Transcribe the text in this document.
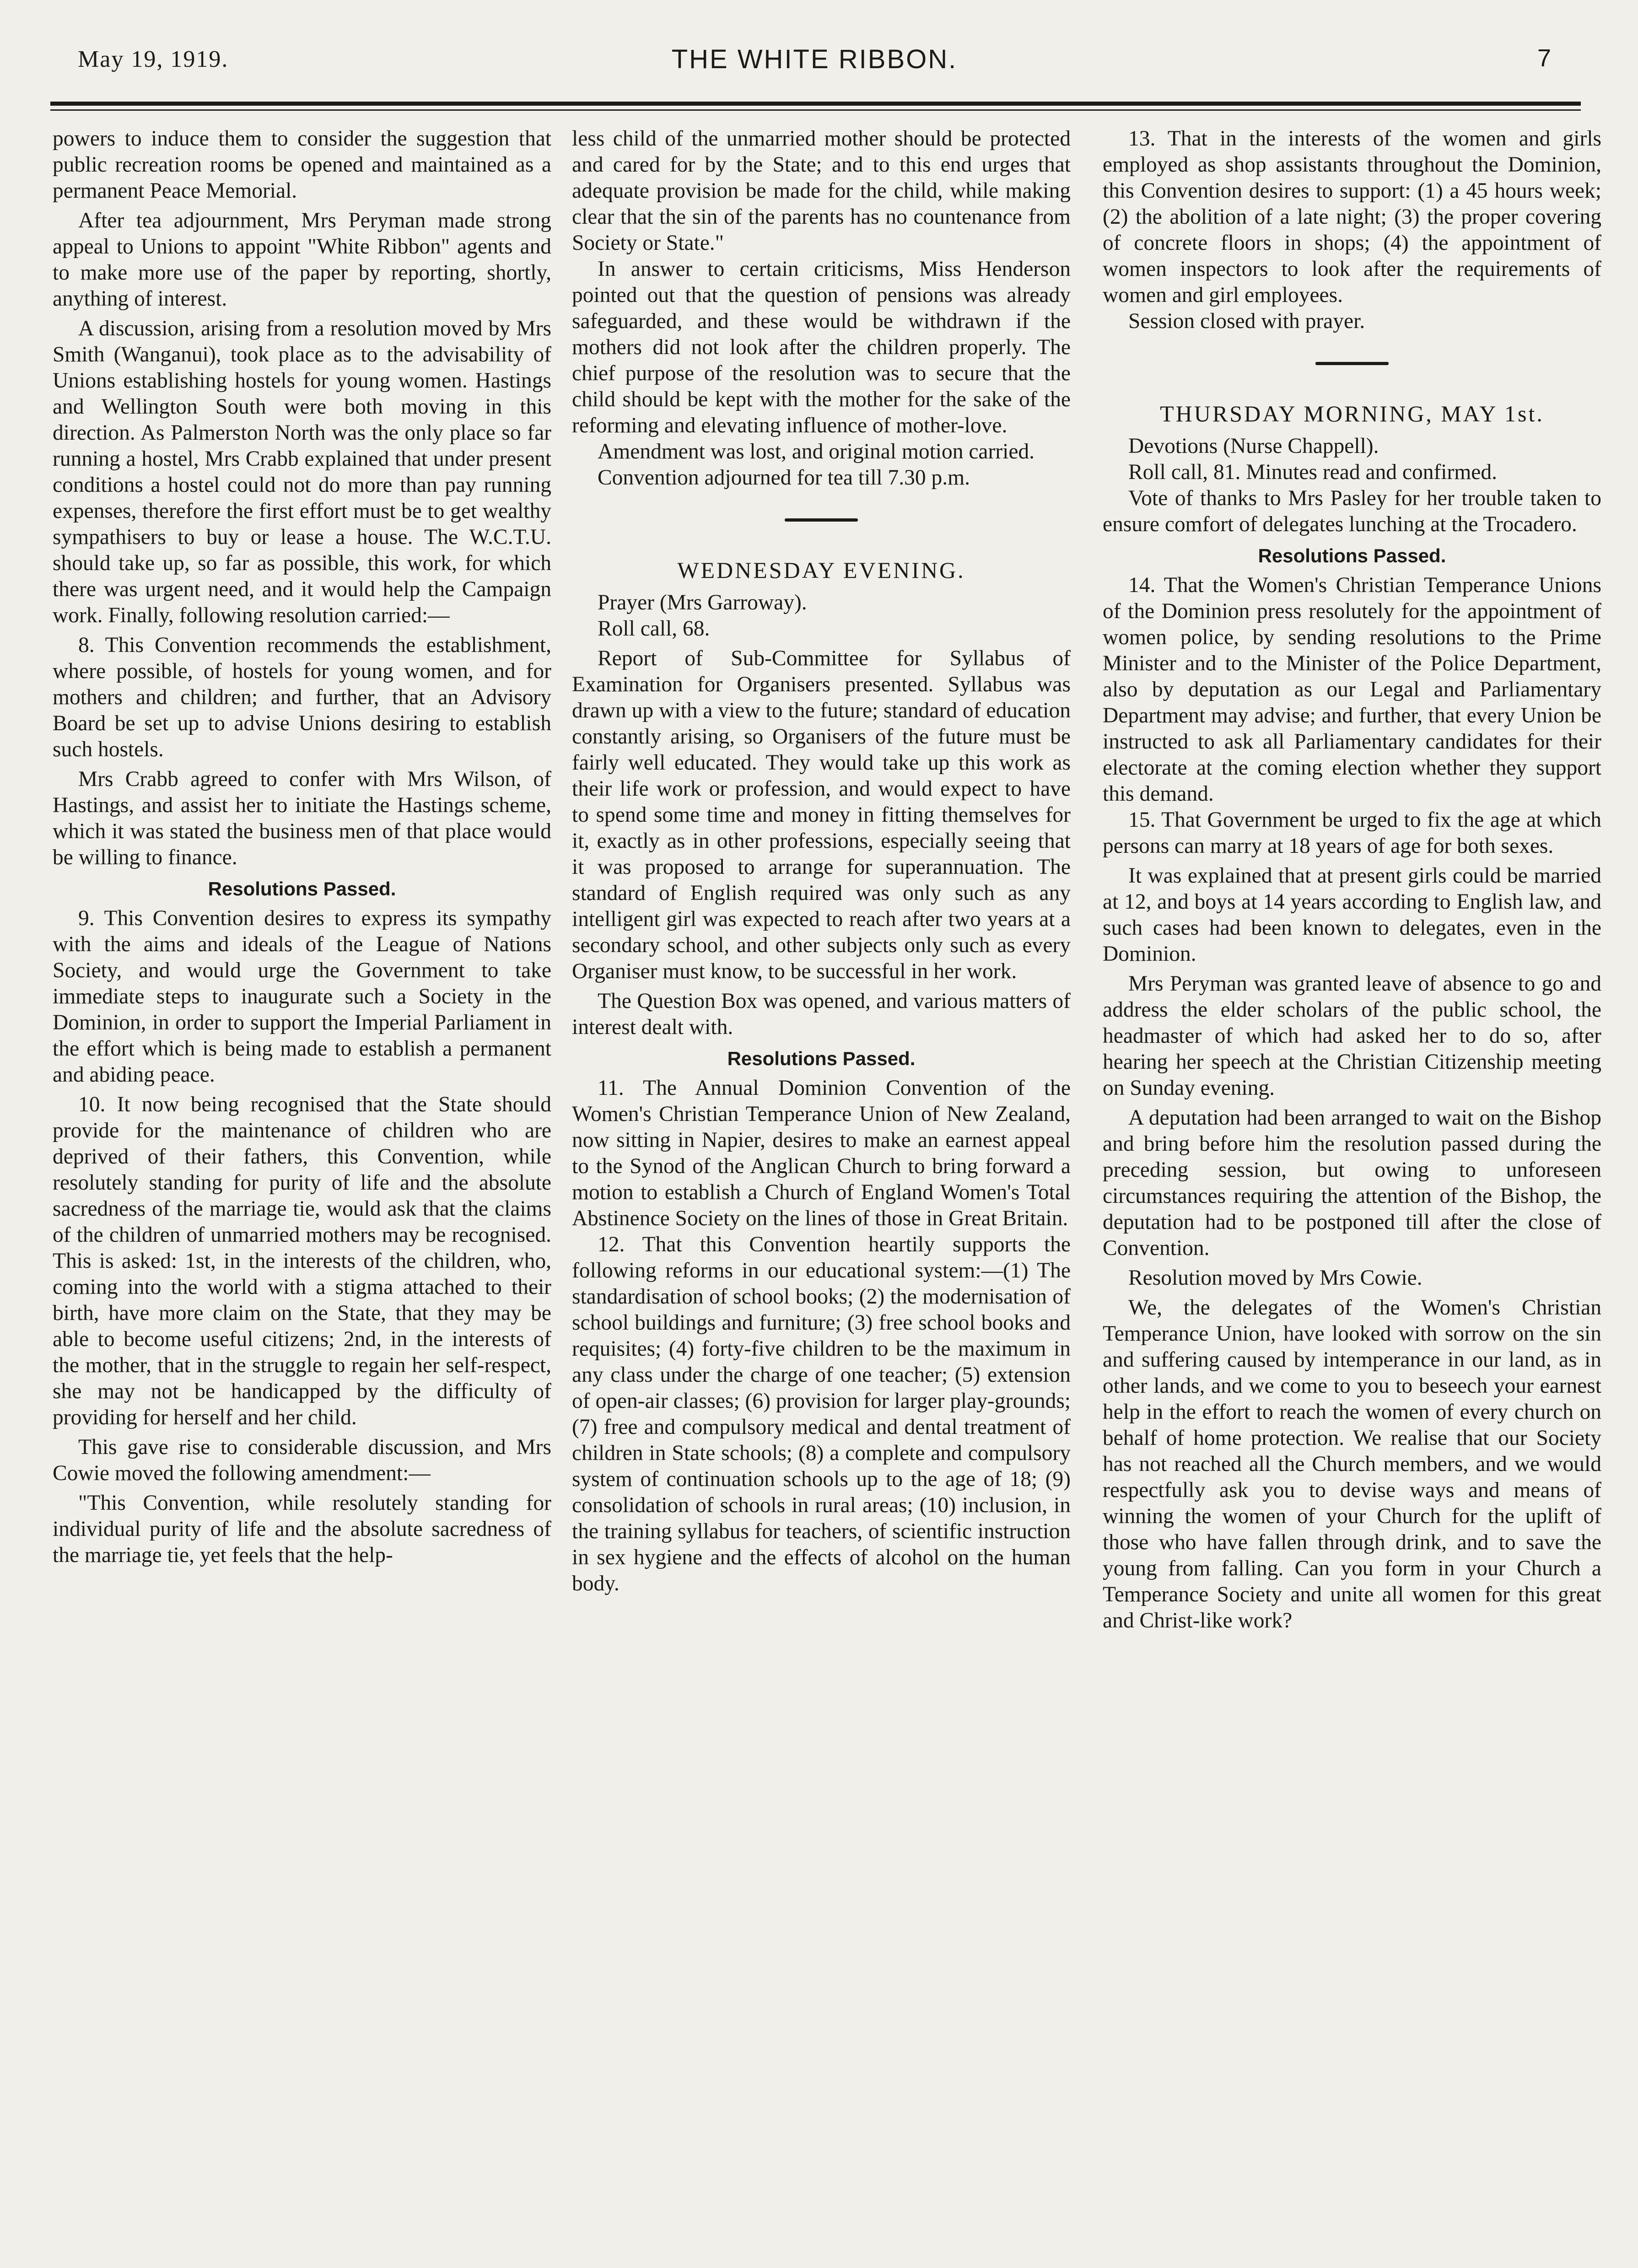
May 19, 1919.	THE WHITE RIBBON.	7

powers to induce them to consider the suggestion that public recreation rooms be opened and maintained as a permanent Peace Memorial.

After tea adjournment, Mrs Peryman made strong appeal to Unions to appoint "White Ribbon" agents and to make more use of the paper by reporting, shortly, anything of interest.

A discussion, arising from a resolution moved by Mrs Smith (Wanganui), took place as to the advisability of Unions establishing hostels for young women. Hastings and Wellington South were both moving in this direction. As Palmerston North was the only place so far running a hostel, Mrs Crabb explained that under present conditions a hostel could not do more than pay running expenses, therefore the first effort must be to get wealthy sympathisers to buy or lease a house. The W.C.T.U. should take up, so far as possible, this work, for which there was urgent need, and it would help the Campaign work. Finally, following resolution carried:—

8. This Convention recommends the establishment, where possible, of hostels for young women, and for mothers and children; and further, that an Advisory Board be set up to advise Unions desiring to establish such hostels.

Mrs Crabb agreed to confer with Mrs Wilson, of Hastings, and assist her to initiate the Hastings scheme, which it was stated the business men of that place would be willing to finance.

Resolutions Passed.

9. This Convention desires to express its sympathy with the aims and ideals of the League of Nations Society, and would urge the Government to take immediate steps to inaugurate such a Society in the Dominion, in order to support the Imperial Parliament in the effort which is being made to establish a permanent and abiding peace.

10. It now being recognised that the State should provide for the maintenance of children who are deprived of their fathers, this Convention, while resolutely standing for purity of life and the absolute sacredness of the marriage tie, would ask that the claims of the children of unmarried mothers may be recognised. This is asked: 1st, in the interests of the children, who, coming into the world with a stigma attached to their birth, have more claim on the State, that they may be able to become useful citizens; 2nd, in the interests of the mother, that in the struggle to regain her self-respect, she may not be handicapped by the difficulty of providing for herself and her child.

This gave rise to considerable discussion, and Mrs Cowie moved the following amendment:—

"This Convention, while resolutely standing for individual purity of life and the absolute sacredness of the marriage tie, yet feels that the help-

less child of the unmarried mother should be protected and cared for by the State; and to this end urges that adequate provision be made for the child, while making clear that the sin of the parents has no countenance from Society or State."

In answer to certain criticisms, Miss Henderson pointed out that the question of pensions was already safeguarded, and these would be withdrawn if the mothers did not look after the children properly. The chief purpose of the resolution was to secure that the child should be kept with the mother for the sake of the reforming and elevating influence of mother-love.

Amendment was lost, and original motion carried.

Convention adjourned for tea till 7.30 p.m.

WEDNESDAY EVENING.

Prayer (Mrs Garroway).

Roll call, 68.

Report of Sub-Committee for Syllabus of Examination for Organisers presented. Syllabus was drawn up with a view to the future; standard of education constantly arising, so Organisers of the future must be fairly well educated. They would take up this work as their life work or profession, and would expect to have to spend some time and money in fitting themselves for it, exactly as in other professions, especially seeing that it was proposed to arrange for superannuation. The standard of English required was only such as any intelligent girl was expected to reach after two years at a secondary school, and other subjects only such as every Organiser must know, to be successful in her work.

The Question Box was opened, and various matters of interest dealt with.

Resolutions Passed.

11. The Annual Dominion Convention of the Women's Christian Temperance Union of New Zealand, now sitting in Napier, desires to make an earnest appeal to the Synod of the Anglican Church to bring forward a motion to establish a Church of England Women's Total Abstinence Society on the lines of those in Great Britain.

12. That this Convention heartily supports the following reforms in our educational system:—(1) The standardisation of school books; (2) the modernisation of school buildings and furniture; (3) free school books and requisites; (4) forty-five children to be the maximum in any class under the charge of one teacher; (5) extension of open-air classes; (6) provision for larger play-grounds; (7) free and compulsory medical and dental treatment of children in State schools; (8) a complete and compulsory system of continuation schools up to the age of 18; (9) consolidation of schools in rural areas; (10) inclusion, in the training syllabus for teachers, of scientific instruction in sex hygiene and the effects of alcohol on the human body.

13. That in the interests of the women and girls employed as shop assistants throughout the Dominion, this Convention desires to support: (1) a 45 hours week; (2) the abolition of a late night; (3) the proper covering of concrete floors in shops; (4) the appointment of women inspectors to look after the requirements of women and girl employees.

Session closed with prayer.

THURSDAY MORNING, MAY 1st.

Devotions (Nurse Chappell).

Roll call, 81. Minutes read and confirmed.

Vote of thanks to Mrs Pasley for her trouble taken to ensure comfort of delegates lunching at the Trocadero.

Resolutions Passed.

14. That the Women's Christian Temperance Unions of the Dominion press resolutely for the appointment of women police, by sending resolutions to the Prime Minister and to the Minister of the Police Department, also by deputation as our Legal and Parliamentary Department may advise; and further, that every Union be instructed to ask all Parliamentary candidates for their electorate at the coming election whether they support this demand.

15. That Government be urged to fix the age at which persons can marry at 18 years of age for both sexes.

It was explained that at present girls could be married at 12, and boys at 14 years according to English law, and such cases had been known to delegates, even in the Dominion.

Mrs Peryman was granted leave of absence to go and address the elder scholars of the public school, the headmaster of which had asked her to do so, after hearing her speech at the Christian Citizenship meeting on Sunday evening.

A deputation had been arranged to wait on the Bishop and bring before him the resolution passed during the preceding session, but owing to unforeseen circumstances requiring the attention of the Bishop, the deputation had to be postponed till after the close of Convention.

Resolution moved by Mrs Cowie.

We, the delegates of the Women's Christian Temperance Union, have looked with sorrow on the sin and suffering caused by intemperance in our land, as in other lands, and we come to you to beseech your earnest help in the effort to reach the women of every church on behalf of home protection. We realise that our Society has not reached all the Church members, and we would respectfully ask you to devise ways and means of winning the women of your Church for the uplift of those who have fallen through drink, and to save the young from falling. Can you form in your Church a Temperance Society and unite all women for this great and Christ-like work?
